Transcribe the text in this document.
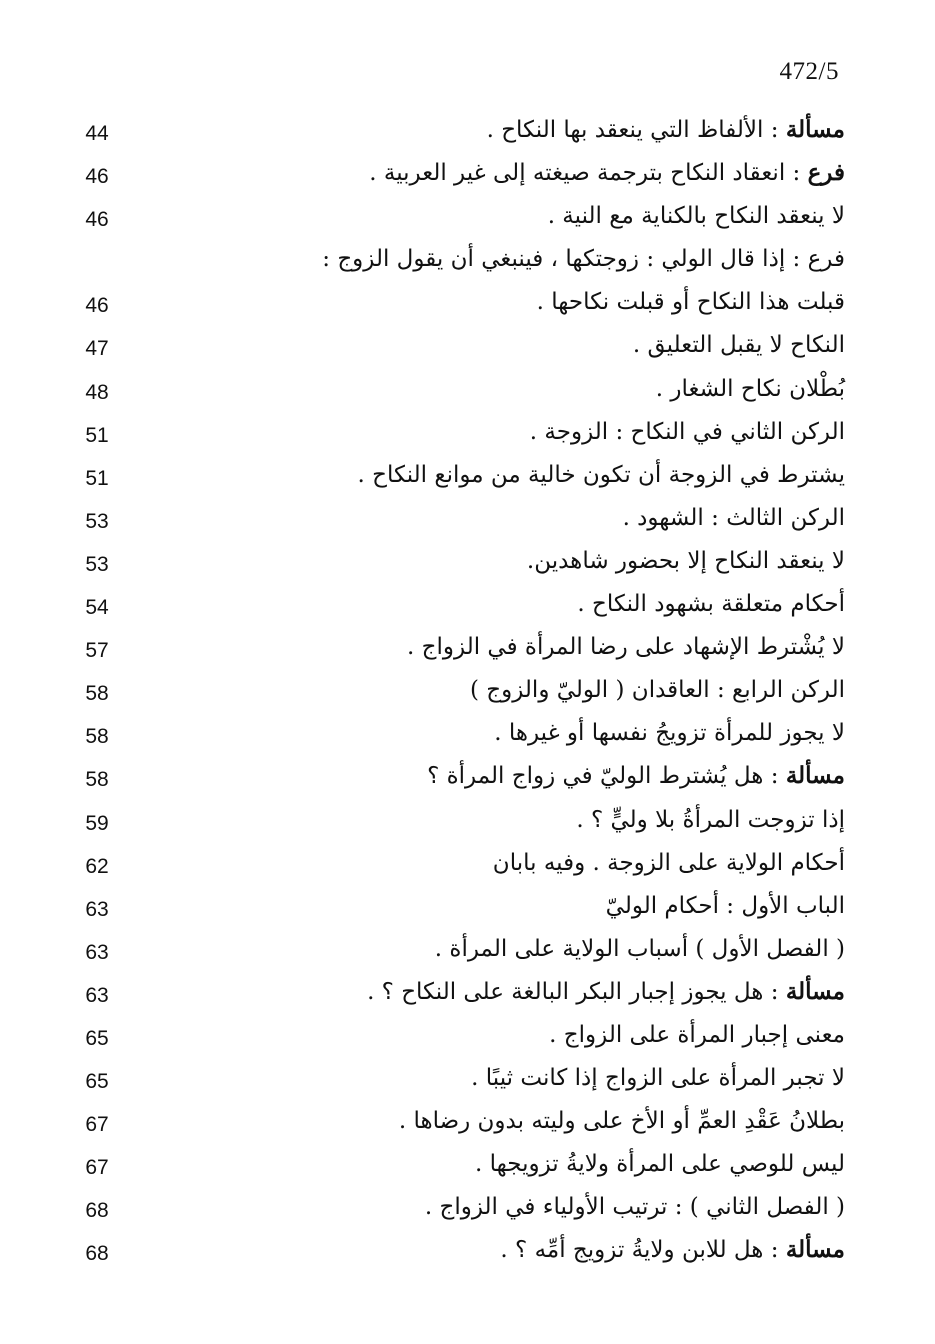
472/5
مسألة : الألفاظ التي ينعقد بها النكاح .
44
فرع : انعقاد النكاح بترجمة صيغته إلى غير العربية .
46
لا ينعقد النكاح بالكناية مع النية .
46
فرع : إذا قال الولي : زوجتكها ، فينبغي أن يقول الزوج :
قبلت هذا النكاح أو قبلت نكاحها .
46
النكاح لا يقبل التعليق .
47
بُطْلان نكاح الشغار .
48
الركن الثاني في النكاح : الزوجة .
51
يشترط في الزوجة أن تكون خالية من موانع النكاح .
51
الركن الثالث : الشهود .
53
لا ينعقد النكاح إلا بحضور شاهدين.
53
أحكام متعلقة بشهود النكاح .
54
لا يُشْترط الإشهاد على رضا المرأة في الزواج .
57
الركن الرابع : العاقدان ( الوليّ والزوج )
58
لا يجوز للمرأة تزويجُ نفسها أو غيرها .
58
مسألة : هل يُشترط الوليّ في زواج المرأة ؟
58
إذا تزوجت المرأةُ بلا وليٍّ ؟ .
59
أحكام الولاية على الزوجة . وفيه بابان
62
الباب الأول : أحكام الوليّ
63
( الفصل الأول ) أسباب الولاية على المرأة .
63
مسألة : هل يجوز إجبار البكر البالغة على النكاح ؟ .
63
معنى إجبار المرأة على الزواج .
65
لا تجبر المرأة على الزواج إذا كانت ثيبًا .
65
بطلانُ عَقْدِ العمِّ أو الأخ على وليته بدون رضاها .
67
ليس للوصي على المرأة ولايةُ تزويجها .
67
( الفصل الثاني ) : ترتيب الأولياء في الزواج .
68
مسألة : هل للابن ولايةُ تزويج أمِّه ؟ .
68
